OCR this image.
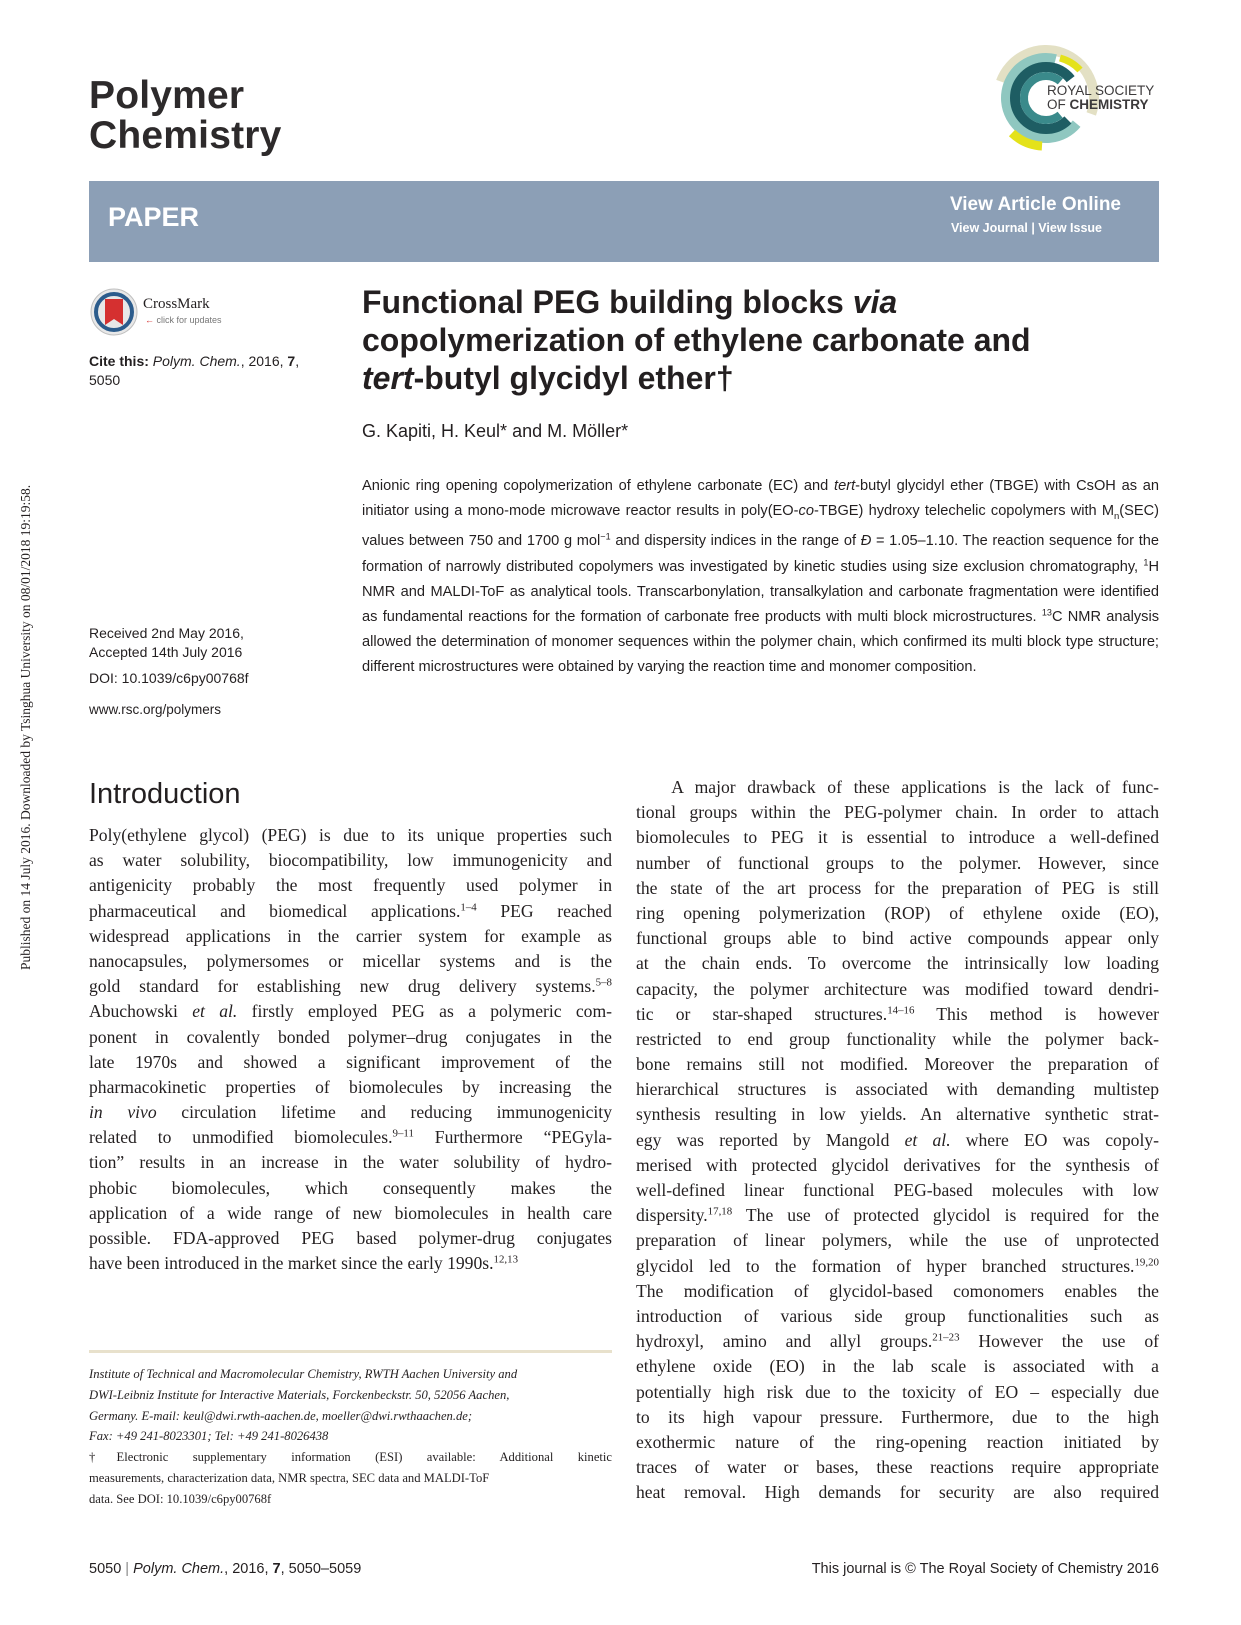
Published on 14 July 2016. Downloaded by Tsinghua University on 08/01/2018 19:19:58.
Polymer
Chemistry
ROYAL SOCIETY
OF CHEMISTRY
PAPER	View Article Online
View Journal | View Issue
CrossMark
← click for updates
Cite this: Polym. Chem., 2016, 7,
5050
Received 2nd May 2016,
Accepted 14th July 2016
DOI: 10.1039/c6py00768f
www.rsc.org/polymers
Functional PEG building blocks via
copolymerization of ethylene carbonate and
tert-butyl glycidyl ether†
G. Kapiti, H. Keul* and M. Möller*
Anionic ring opening copolymerization of ethylene carbonate (EC) and tert-butyl glycidyl ether (TBGE) with CsOH as an initiator using a mono-mode microwave reactor results in poly(EO-co-TBGE) hydroxy telechelic copolymers with $M_n(SEC)$ values between 750 and 1700 g mol$^{-1}$ and dispersity indices in the range of Đ = 1.05–1.10. The reaction sequence for the formation of narrowly distributed copolymers was investigated by kinetic studies using size exclusion chromatography, $^1$H NMR and MALDI-ToF as analytical tools. Transcarbonylation, transalkylation and carbonate fragmentation were identified as fundamental reactions for the formation of carbonate free products with multi block microstructures. $^{13}$C NMR analysis allowed the determination of monomer sequences within the polymer chain, which confirmed its multi block type structure; different microstructures were obtained by varying the reaction time and monomer composition.
Introduction
Poly(ethylene glycol) (PEG) is due to its unique properties such
as water solubility, biocompatibility, low immunogenicity and
antigenicity probably the most frequently used polymer in
pharmaceutical and biomedical applications.$^{1-4}$ PEG reached
widespread applications in the carrier system for example as
nanocapsules, polymersomes or micellar systems and is the
gold standard for establishing new drug delivery systems.$^{5-8}$
Abuchowski et al. firstly employed PEG as a polymeric com-
ponent in covalently bonded polymer–drug conjugates in the
late 1970s and showed a significant improvement of the
pharmacokinetic properties of biomolecules by increasing the
in vivo circulation lifetime and reducing immunogenicity
related to unmodified biomolecules.$^{9-11}$ Furthermore “PEGyla-
tion” results in an increase in the water solubility of hydro-
phobic biomolecules, which consequently makes the
application of a wide range of new biomolecules in health care
possible. FDA-approved PEG based polymer-drug conjugates
have been introduced in the market since the early 1990s.$^{12,13}$
  A major drawback of these applications is the lack of func-
tional groups within the PEG-polymer chain. In order to attach
biomolecules to PEG it is essential to introduce a well-defined
number of functional groups to the polymer. However, since
the state of the art process for the preparation of PEG is still
ring opening polymerization (ROP) of ethylene oxide (EO),
functional groups able to bind active compounds appear only
at the chain ends. To overcome the intrinsically low loading
capacity, the polymer architecture was modified toward dendri-
tic or star-shaped structures.$^{14-16}$ This method is however
restricted to end group functionality while the polymer back-
bone remains still not modified. Moreover the preparation of
hierarchical structures is associated with demanding multistep
synthesis resulting in low yields. An alternative synthetic strat-
egy was reported by Mangold et al. where EO was copoly-
merised with protected glycidol derivatives for the synthesis of
well-defined linear functional PEG-based molecules with low
dispersity.$^{17,18}$ The use of protected glycidol is required for the
preparation of linear polymers, while the use of unprotected
glycidol led to the formation of hyper branched structures.$^{19,20}$
The modification of glycidol-based comonomers enables the
introduction of various side group functionalities such as
hydroxyl, amino and allyl groups.$^{21-23}$ However the use of
ethylene oxide (EO) in the lab scale is associated with a
potentially high risk due to the toxicity of EO – especially due
to its high vapour pressure. Furthermore, due to the high
exothermic nature of the ring-opening reaction initiated by
traces of water or bases, these reactions require appropriate
heat removal. High demands for security are also required
Institute of Technical and Macromolecular Chemistry, RWTH Aachen University and
DWI-Leibniz Institute for Interactive Materials, Forckenbeckstr. 50, 52056 Aachen,
Germany. E-mail: keul@dwi.rwth-aachen.de, moeller@dwi.rwthaachen.de;
Fax: +49 241-8023301; Tel: +49 241-8026438
†Electronic supplementary information (ESI) available: Additional kinetic
measurements, characterization data, NMR spectra, SEC data and MALDI-ToF
data. See DOI: 10.1039/c6py00768f
5050 | Polym. Chem., 2016, 7, 5050–5059	This journal is © The Royal Society of Chemistry 2016
